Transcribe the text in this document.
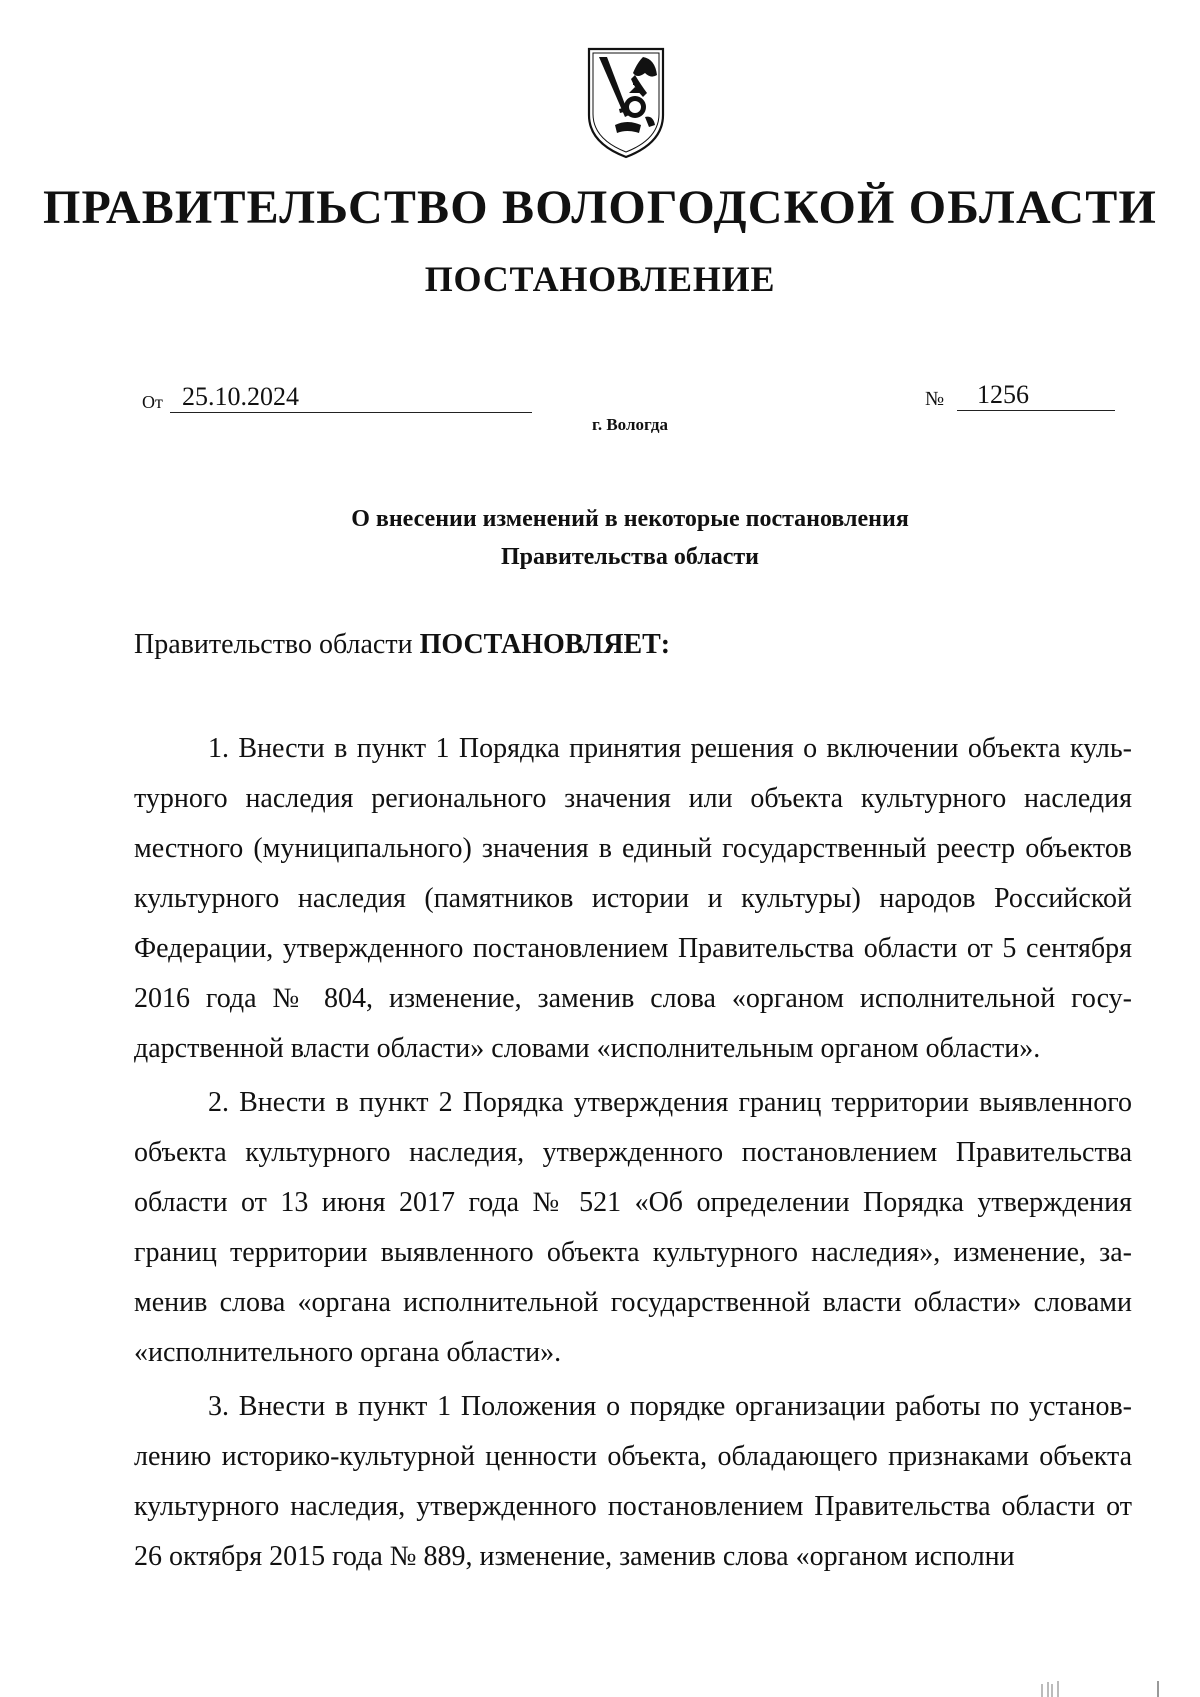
ПРАВИТЕЛЬСТВО ВОЛОГОДСКОЙ ОБЛАСТИ
ПОСТАНОВЛЕНИЕ
От 25.10.2024	№ 1256
г. Вологда
О внесении изменений в некоторые постановления
Правительства области
Правительство области ПОСТАНОВЛЯЕТ:

1. Внести в пункт 1 Порядка принятия решения о включении объекта культурного наследия регионального значения или объекта культурного наследия местного (муниципального) значения в единый государственный реестр объектов культурного наследия (памятников истории и культуры) народов Российской Федерации, утвержденного постановлением Правительства области от 5 сентября 2016 года № 804, изменение, заменив слова «органом исполнительной государственной власти области» словами «исполнительным органом области».

2. Внести в пункт 2 Порядка утверждения границ территории выявленного объекта культурного наследия, утвержденного постановлением Правительства области от 13 июня 2017 года № 521 «Об определении Порядка утверждения границ территории выявленного объекта культурного наследия», изменение, заменив слова «органа исполнительной государственной власти области» словами «исполнительного органа области».

3. Внести в пункт 1 Положения о порядке организации работы по установлению историко-культурной ценности объекта, обладающего признаками объекта культурного наследия, утвержденного постановлением Правительства области от 26 октября 2015 года № 889, изменение, заменив слова «органом исполни
